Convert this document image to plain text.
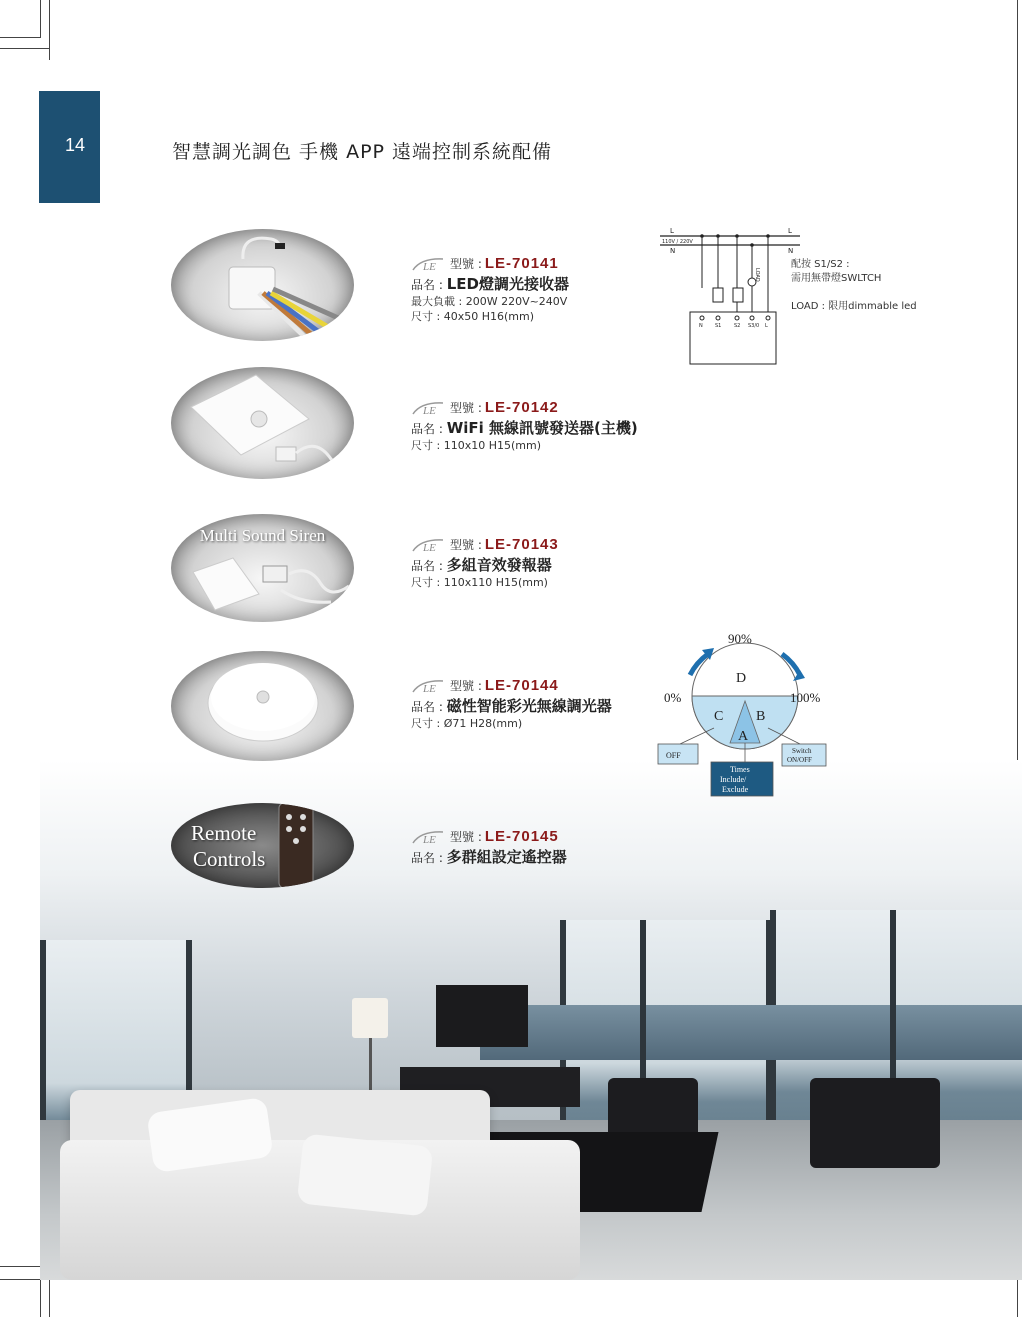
14	智慧調光調色 手機 APP 遠端控制系統配備
Multi Sound Siren
Remote
Controls
LE 型號 : LE-70141
品名 : LED燈調光接收器
最大負載 : 200W 220V~240V
尺寸 : 40x50 H16(mm)
LE 型號 : LE-70142
品名 : WiFi 無線訊號發送器(主機)
尺寸 : 110x10 H15(mm)
LE 型號 : LE-70143
品名 : 多組音效發報器
尺寸 : 110x110 H15(mm)
LE 型號 : LE-70144
品名 : 磁性智能彩光無線調光器
尺寸 : Ø71 H28(mm)
LE 型號 : LE-70145
品名 : 多群組設定遙控器
L	L
110V / 220V
N	N
LOAD
N S1	S2 S3/0 L
配按 S1/S2 :
需用無帶燈SWLTCH
LOAD : 限用dimmable led
90%
0%	100%
D
C B
A
OFF	Switch
ON/OFF
Times
Include/
Exclude
